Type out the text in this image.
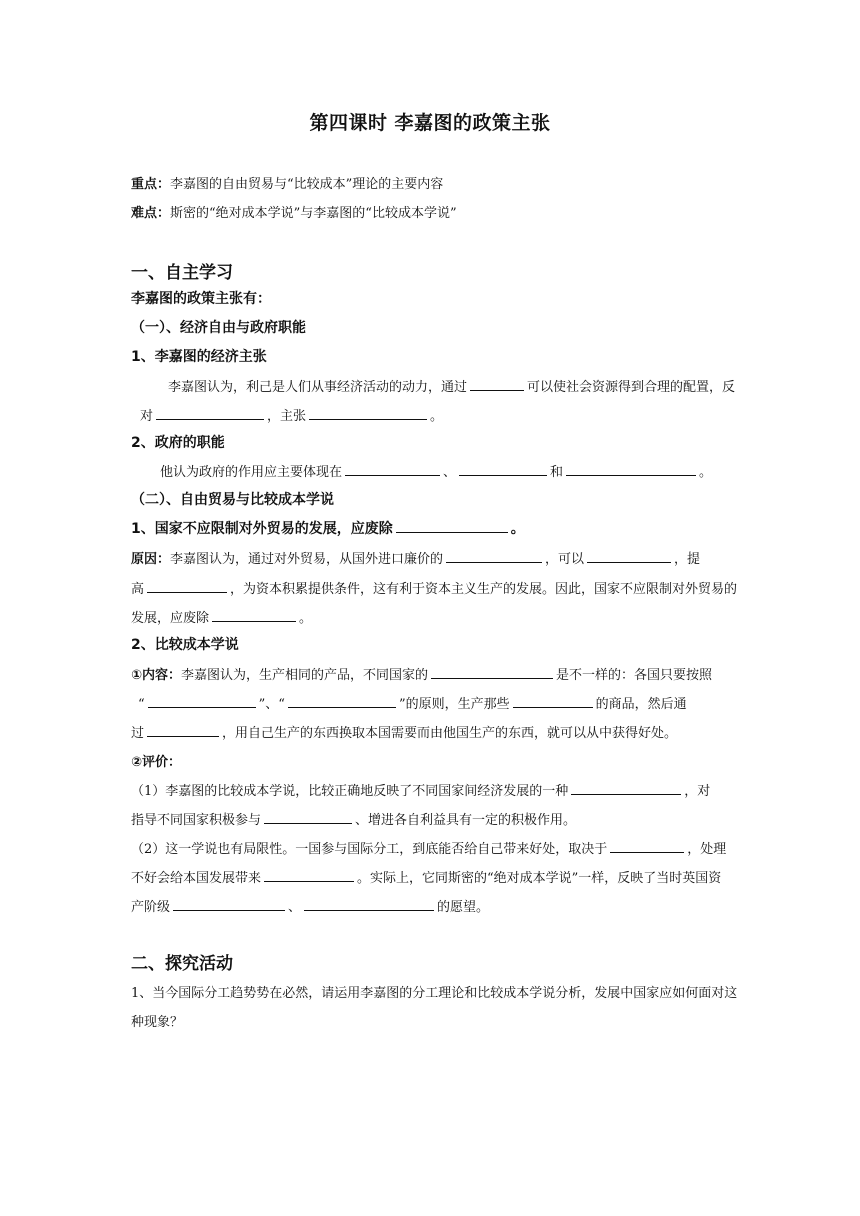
第四课时 李嘉图的政策主张
重点：李嘉图的自由贸易与“比较成本”理论的主要内容
难点：斯密的“绝对成本学说”与李嘉图的“比较成本学说”
一、自主学习
李嘉图的政策主张有：
（一）、经济自由与政府职能
1、李嘉图的经济主张
李嘉图认为，利己是人们从事经济活动的动力，通过	可以使社会资源得到合理的配置，反
对	，主张	。
2、政府的职能
他认为政府的作用应主要体现在	、	和	。
（二）、自由贸易与比较成本学说
1、国家不应限制对外贸易的发展，应废除	。
原因：李嘉图认为，通过对外贸易，从国外进口廉价的	，可以	，提
高	，为资本积累提供条件，这有利于资本主义生产的发展。因此，国家不应限制对外贸易的
发展，应废除	。
2、比较成本学说
①内容：李嘉图认为，生产相同的产品，不同国家的	是不一样的：各国只要按照
“	”、“	”的原则，生产那些	的商品，然后通
过	，用自己生产的东西换取本国需要而由他国生产的东西，就可以从中获得好处。
②评价：
（1）李嘉图的比较成本学说，比较正确地反映了不同国家间经济发展的一种	，对
指导不同国家积极参与	、增进各自利益具有一定的积极作用。
（2）这一学说也有局限性。一国参与国际分工，到底能否给自己带来好处，取决于	，处理
不好会给本国发展带来	。实际上，它同斯密的“绝对成本学说”一样，反映了当时英国资
产阶级	、	的愿望。
二、探究活动
1、当今国际分工趋势势在必然，请运用李嘉图的分工理论和比较成本学说分析，发展中国家应如何面对这
种现象？
